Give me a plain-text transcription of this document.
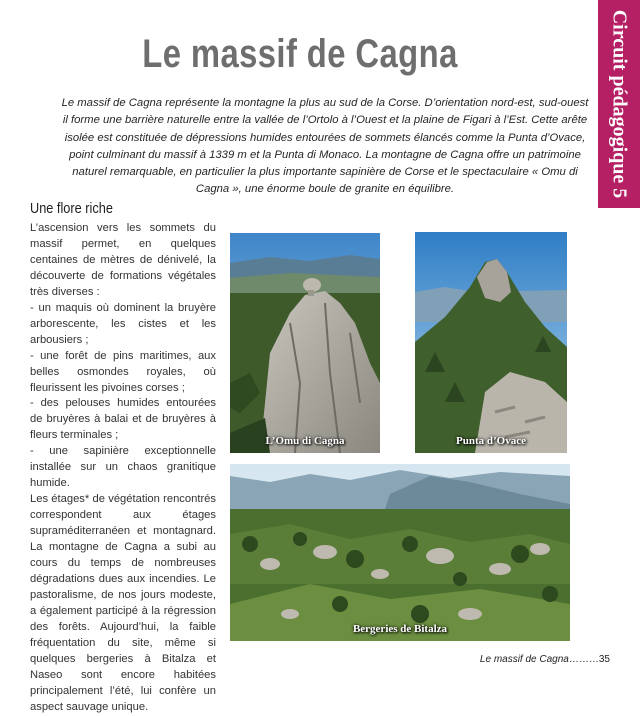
Le massif de Cagna	Circuit pédagogique 5
Le massif de Cagna représente la montagne la plus au sud de la Corse. D’orientation nord-est, sud-ouest il forme une barrière naturelle entre la vallée de l’Ortolo à l’Ouest et la plaine de Figari à l’Est. Cette arête isolée est constituée de dépressions humides entourées de sommets élancés comme la Punta d’Ovace, point culminant du massif à 1339 m et la Punta di Monaco. La montagne de Cagna offre un patrimoine naturel remarquable, en particulier la plus importante sapinière de Corse et le spectaculaire « Omu di Cagna », une énorme boule de granite en équilibre.
Une flore riche

L’ascension vers les sommets du massif permet, en quelques centaines de mètres de dénivelé, la découverte de formations végétales très diverses :

- un maquis où dominent la bruyère arborescente, les cistes et les arbousiers ;

- une forêt de pins maritimes, aux belles osmondes royales, où fleurissent les pivoines corses ;

- des pelouses humides entourées de bruyères à balai et de bruyères à fleurs terminales ;

- une sapinière exceptionnelle installée sur un chaos granitique humide.

Les étages* de végétation rencontrés correspondent aux étages supraméditerranéen et montagnard. La montagne de Cagna a subi au cours du temps de nombreuses dégradations dues aux incendies. Le pastoralisme, de nos jours modeste, a également participé à la régression des forêts. Aujourd’hui, la faible fréquentation du site, même si quelques bergeries à Bitalza et Naseo sont encore habitées principalement l’été, lui confère un aspect sauvage unique.

L’Omu di Cagna	Punta d’Ovace
Bergeries de Bitalza
Le massif de Cagna………35
